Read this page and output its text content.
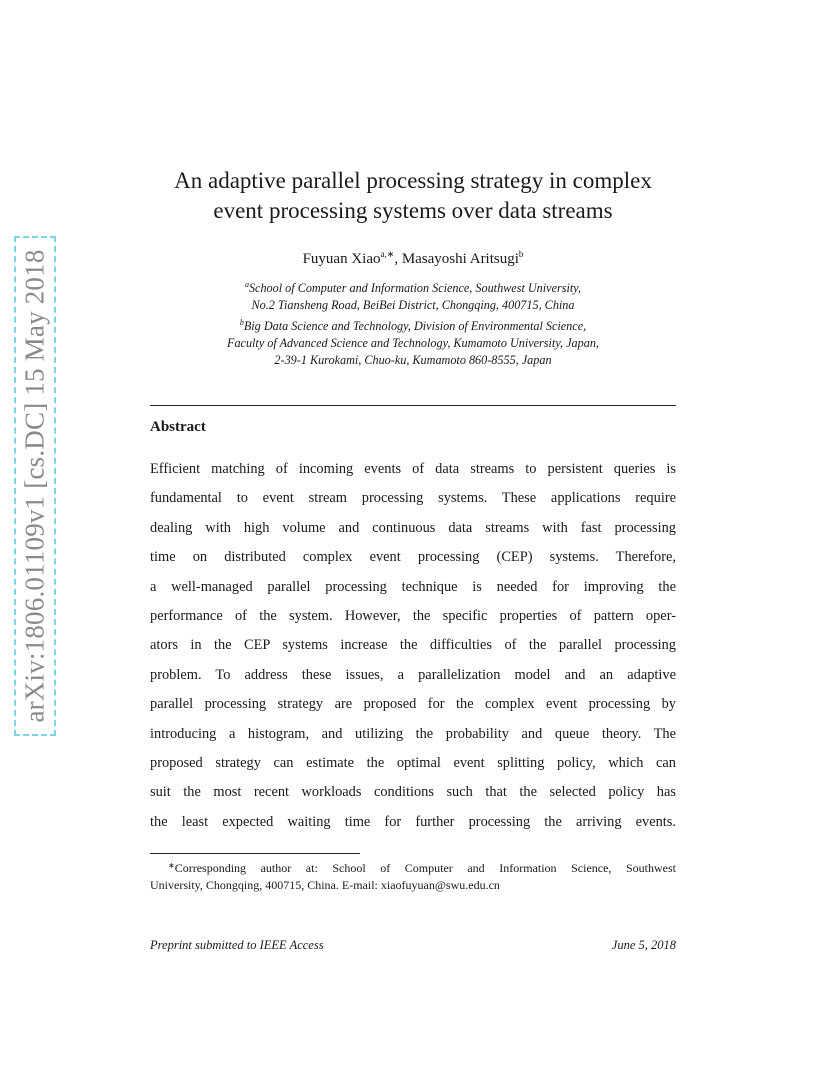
arXiv:1806.01109v1 [cs.DC] 15 May 2018
An adaptive parallel processing strategy in complex
event processing systems over data streams
Fuyuan Xiao$^{a,∗}$, Masayoshi Aritsugi$^b$
$^a$School of Computer and Information Science, Southwest University,
No.2 Tiansheng Road, BeiBei District, Chongqing, 400715, China
$^b$Big Data Science and Technology, Division of Environmental Science,
Faculty of Advanced Science and Technology, Kumamoto University, Japan,
2-39-1 Kurokami, Chuo-ku, Kumamoto 860-8555, Japan
Abstract
Efficient matching of incoming events of data streams to persistent queries is
fundamental to event stream processing systems. These applications require
dealing with high volume and continuous data streams with fast processing
time on distributed complex event processing (CEP) systems. Therefore,
a well-managed parallel processing technique is needed for improving the
performance of the system. However, the specific properties of pattern oper-
ators in the CEP systems increase the difficulties of the parallel processing
problem. To address these issues, a parallelization model and an adaptive
parallel processing strategy are proposed for the complex event processing by
introducing a histogram, and utilizing the probability and queue theory. The
proposed strategy can estimate the optimal event splitting policy, which can
suit the most recent workloads conditions such that the selected policy has
the least expected waiting time for further processing the arriving events.
∗Corresponding author at: School of Computer and Information Science, Southwest
University, Chongqing, 400715, China. E-mail: xiaofuyuan@swu.edu.cn
Preprint submitted to IEEE Access	June 5, 2018
